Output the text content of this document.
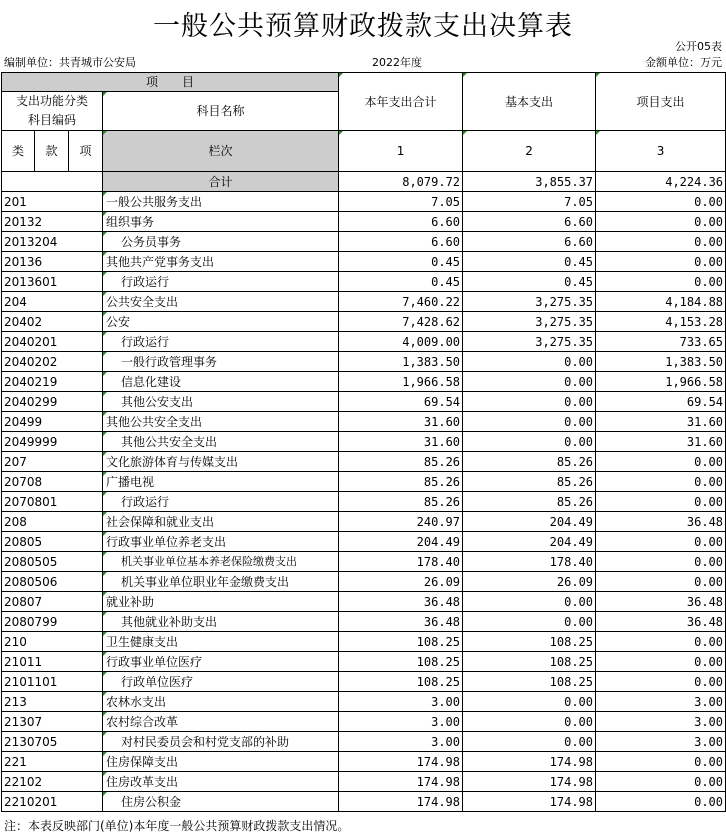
一般公共预算财政拨款支出决算表
公开05表
编制单位：共青城市公安局	2022年度	金额单位：万元
项　　目				本年支出合计	基本支出	项目支出
支出功能分类
科目编码			科目名称			

类	款	项				
			栏次	1	2	3
			合计	8,079.72	3,855.37	4,224.36
201			一般公共服务支出	7.05	7.05	0.00
20132			组织事务	6.60	6.60	0.00
2013204			公务员事务	6.60	6.60	0.00
20136			其他共产党事务支出	0.45	0.45	0.00
2013601			行政运行	0.45	0.45	0.00
204			公共安全支出	7,460.22	3,275.35	4,184.88
20402			公安	7,428.62	3,275.35	4,153.28
2040201			行政运行	4,009.00	3,275.35	733.65
2040202			一般行政管理事务	1,383.50	0.00	1,383.50
2040219			信息化建设	1,966.58	0.00	1,966.58
2040299			其他公安支出	69.54	0.00	69.54
20499			其他公共安全支出	31.60	0.00	31.60
2049999			其他公共安全支出	31.60	0.00	31.60
207			文化旅游体育与传媒支出	85.26	85.26	0.00
20708			广播电视	85.26	85.26	0.00
2070801			行政运行	85.26	85.26	0.00
208			社会保障和就业支出	240.97	204.49	36.48
20805			行政事业单位养老支出	204.49	204.49	0.00
2080505			机关事业单位基本养老保险缴费支出	178.40	178.40	0.00
2080506			机关事业单位职业年金缴费支出	26.09	26.09	0.00
20807			就业补助	36.48	0.00	36.48
2080799			其他就业补助支出	36.48	0.00	36.48
210			卫生健康支出	108.25	108.25	0.00
21011			行政事业单位医疗	108.25	108.25	0.00
2101101			行政单位医疗	108.25	108.25	0.00
213			农林水支出	3.00	0.00	3.00
21307			农村综合改革	3.00	0.00	3.00
2130705			对村民委员会和村党支部的补助	3.00	0.00	3.00
221			住房保障支出	174.98	174.98	0.00
22102			住房改革支出	174.98	174.98	0.00
2210201			住房公积金	174.98	174.98	0.00
注：本表反映部门(单位)本年度一般公共预算财政拨款支出情况。
